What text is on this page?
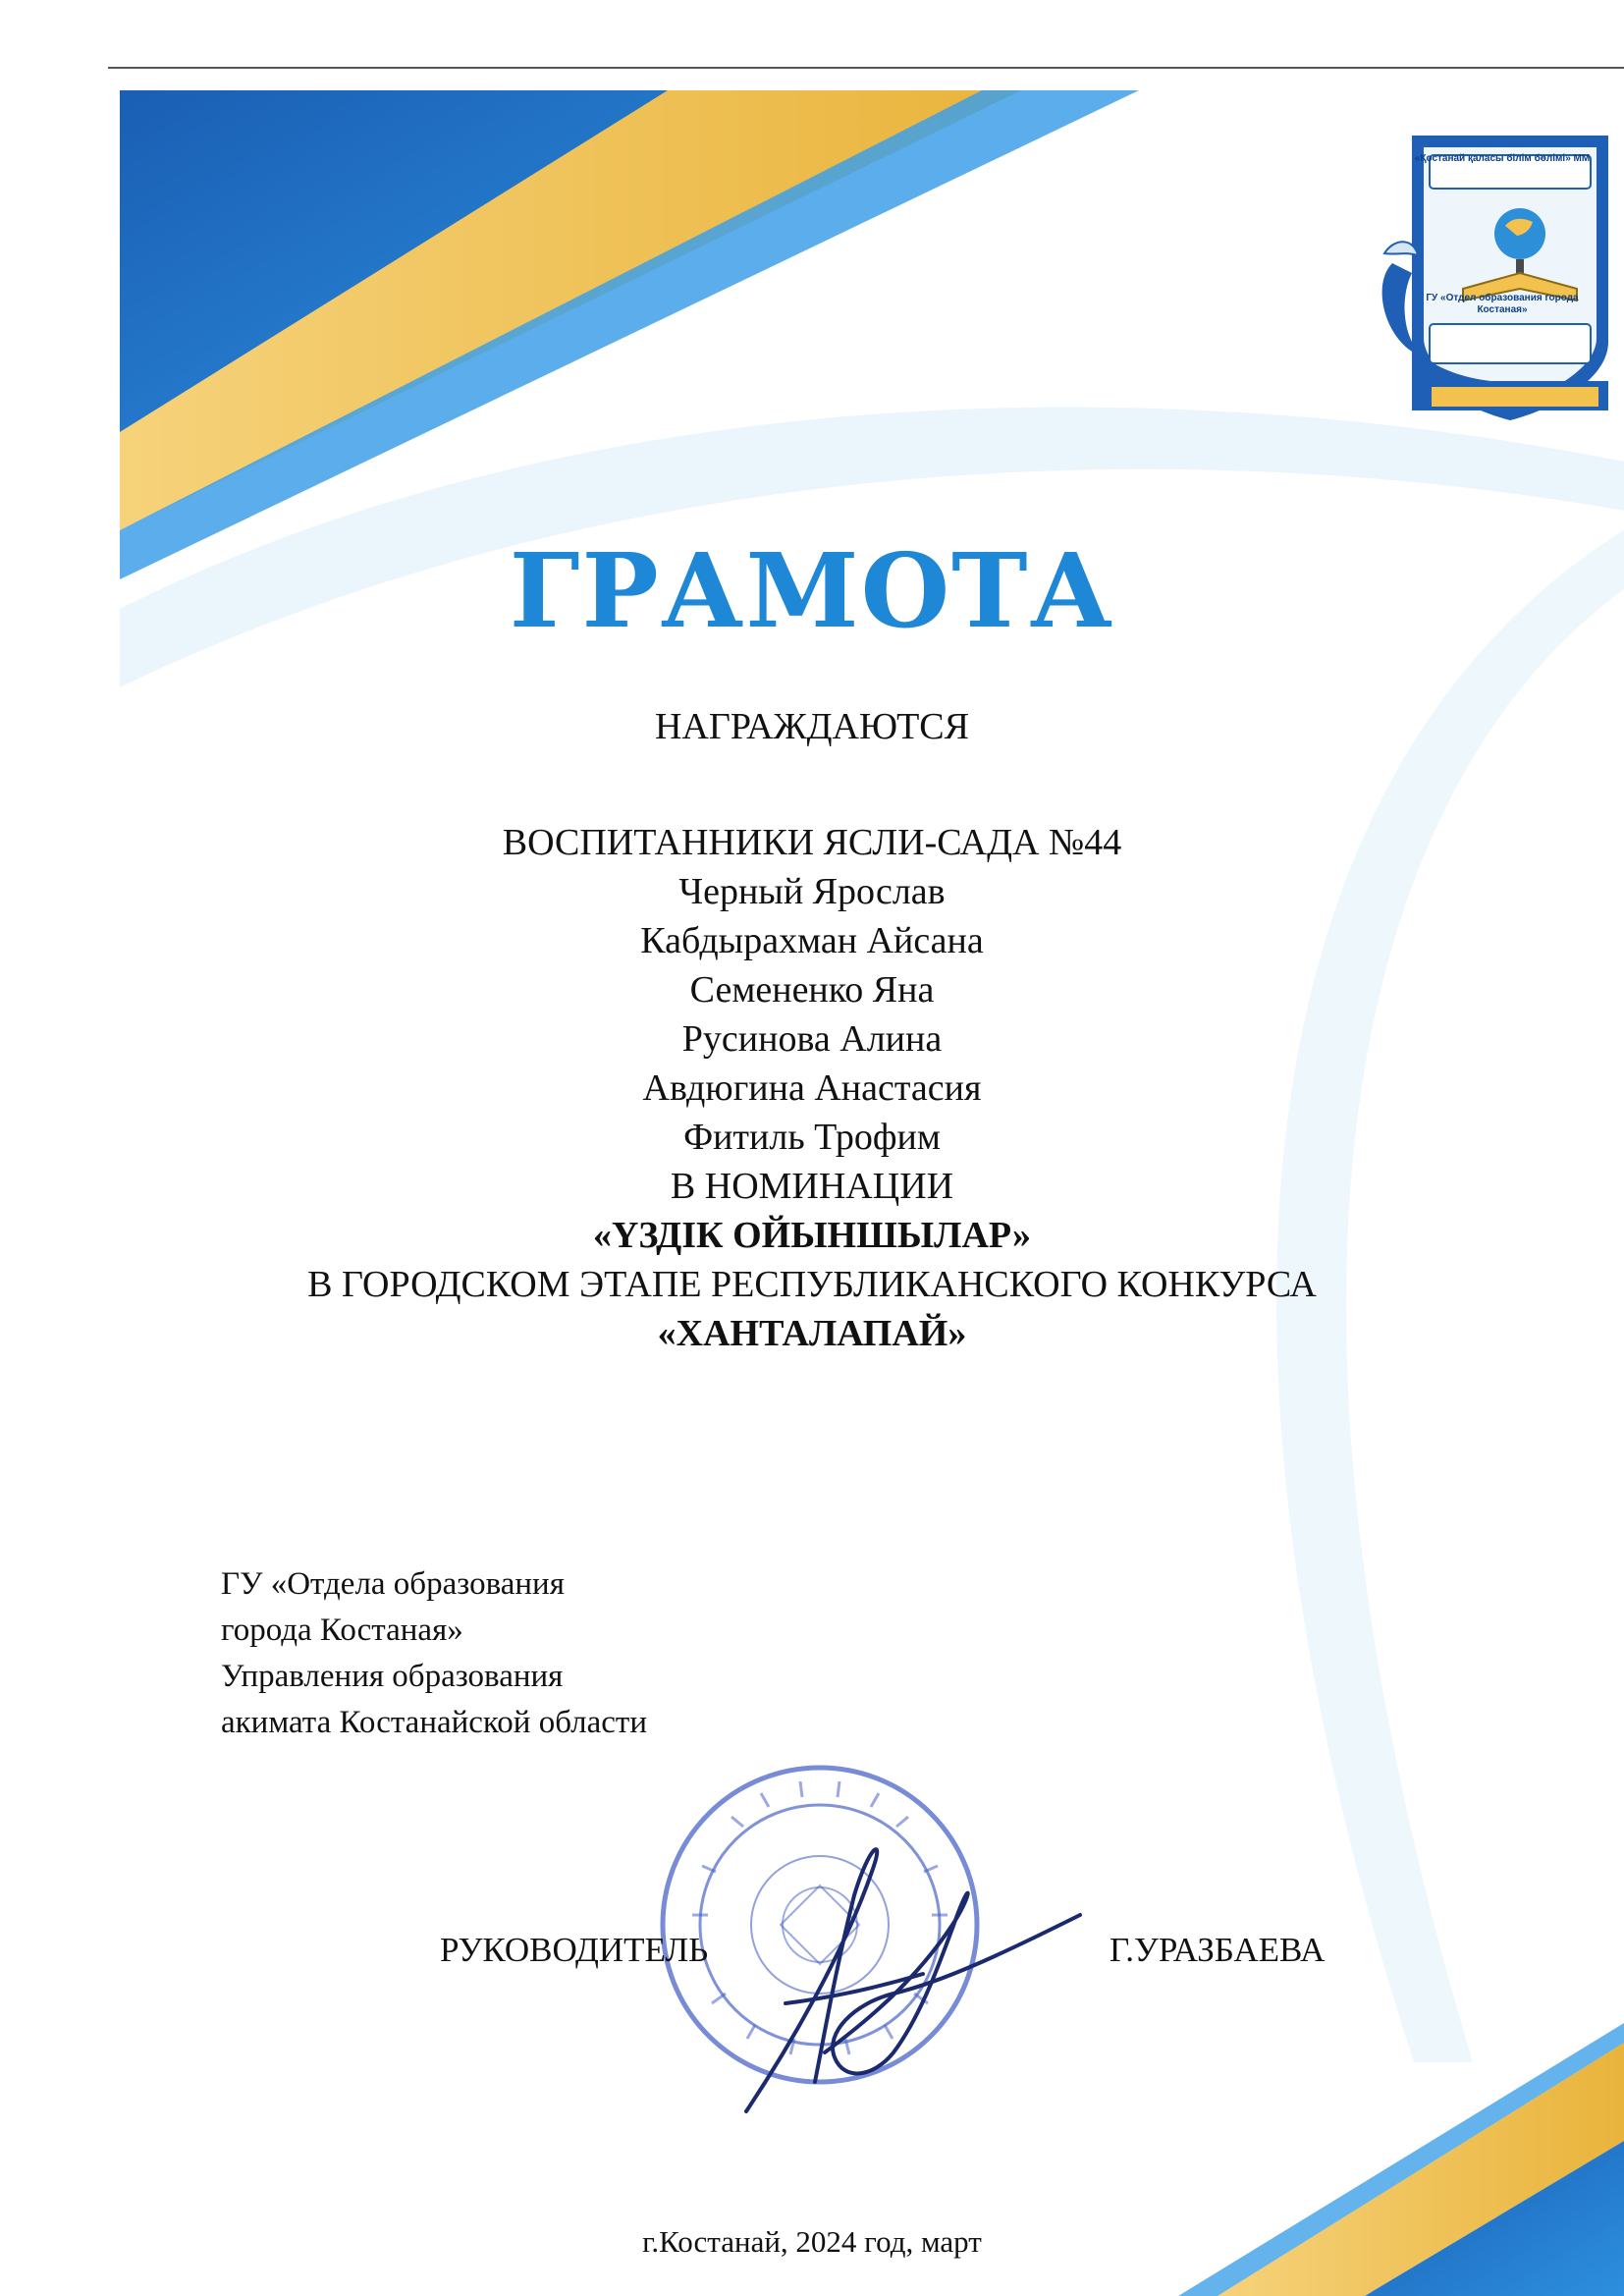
«Қостанай қаласы білім бөлімі» ММ
ГУ «Отдел образования города Костаная»
ГРАМОТА
НАГРАЖДАЮТСЯ
ВОСПИТАННИКИ ЯСЛИ-САДА №44
Черный Ярослав
Кабдырахман Айсана
Семененко Яна
Русинова Алина
Авдюгина Анастасия
Фитиль Трофим
В НОМИНАЦИИ
«ҮЗДІК ОЙЫНШЫЛАР»
В ГОРОДСКОМ ЭТАПЕ РЕСПУБЛИКАНСКОГО КОНКУРСА
«ХАНТАЛАПАЙ»
ГУ «Отдела образования
города Костаная»
Управления образования
акимата Костанайской области
РУКОВОДИТЕЛЬ	Г.УРАЗБАЕВА
г.Костанай, 2024 год, март
